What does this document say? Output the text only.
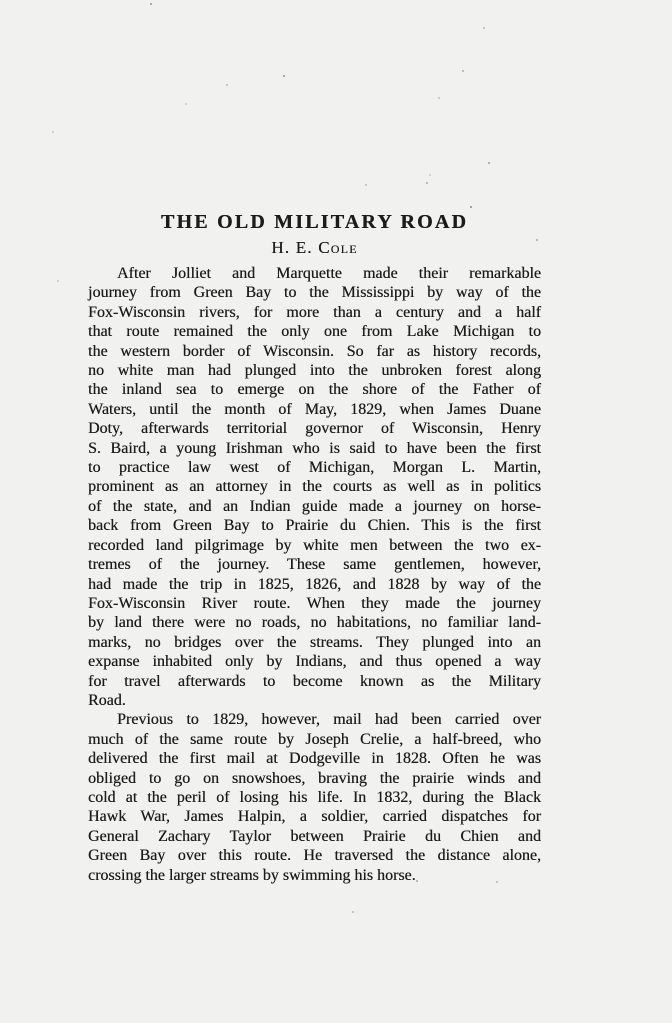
THE OLD MILITARY ROAD
H. E. Cole

After Jolliet and Marquette made their remarkable
journey from Green Bay to the Mississippi by way of the
Fox-Wisconsin rivers, for more than a century and a half
that route remained the only one from Lake Michigan to
the western border of Wisconsin. So far as history records,
no white man had plunged into the unbroken forest along
the inland sea to emerge on the shore of the Father of
Waters, until the month of May, 1829, when James Duane
Doty, afterwards territorial governor of Wisconsin, Henry
S. Baird, a young Irishman who is said to have been the first
to practice law west of Michigan, Morgan L. Martin,
prominent as an attorney in the courts as well as in politics
of the state, and an Indian guide made a journey on horse-
back from Green Bay to Prairie du Chien. This is the first
recorded land pilgrimage by white men between the two ex-
tremes of the journey. These same gentlemen, however,
had made the trip in 1825, 1826, and 1828 by way of the
Fox-Wisconsin River route. When they made the journey
by land there were no roads, no habitations, no familiar land-
marks, no bridges over the streams. They plunged into an
expanse inhabited only by Indians, and thus opened a way
for travel afterwards to become known as the Military
Road.

Previous to 1829, however, mail had been carried over
much of the same route by Joseph Crelie, a half-breed, who
delivered the first mail at Dodgeville in 1828. Often he was
obliged to go on snowshoes, braving the prairie winds and
cold at the peril of losing his life. In 1832, during the Black
Hawk War, James Halpin, a soldier, carried dispatches for
General Zachary Taylor between Prairie du Chien and
Green Bay over this route. He traversed the distance alone,
crossing the larger streams by swimming his horse.
